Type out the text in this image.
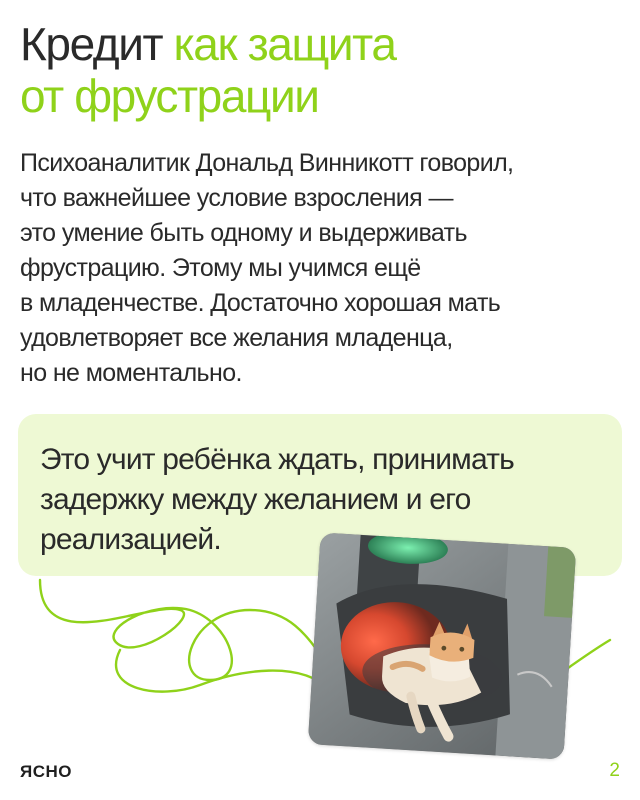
Кредит как защита
от фрустрации

Психоаналитик Дональд Винникотт говорил,
что важнейшее условие взросления —
это умение быть одному и выдерживать
фрустрацию. Этому мы учимся ещё
в младенчестве. Достаточно хорошая мать
удовлетворяет все желания младенца,
но не моментально.

Это учит ребёнка ждать, принимать
задержку между желанием и его
реализацией.

ЯСНО	2
